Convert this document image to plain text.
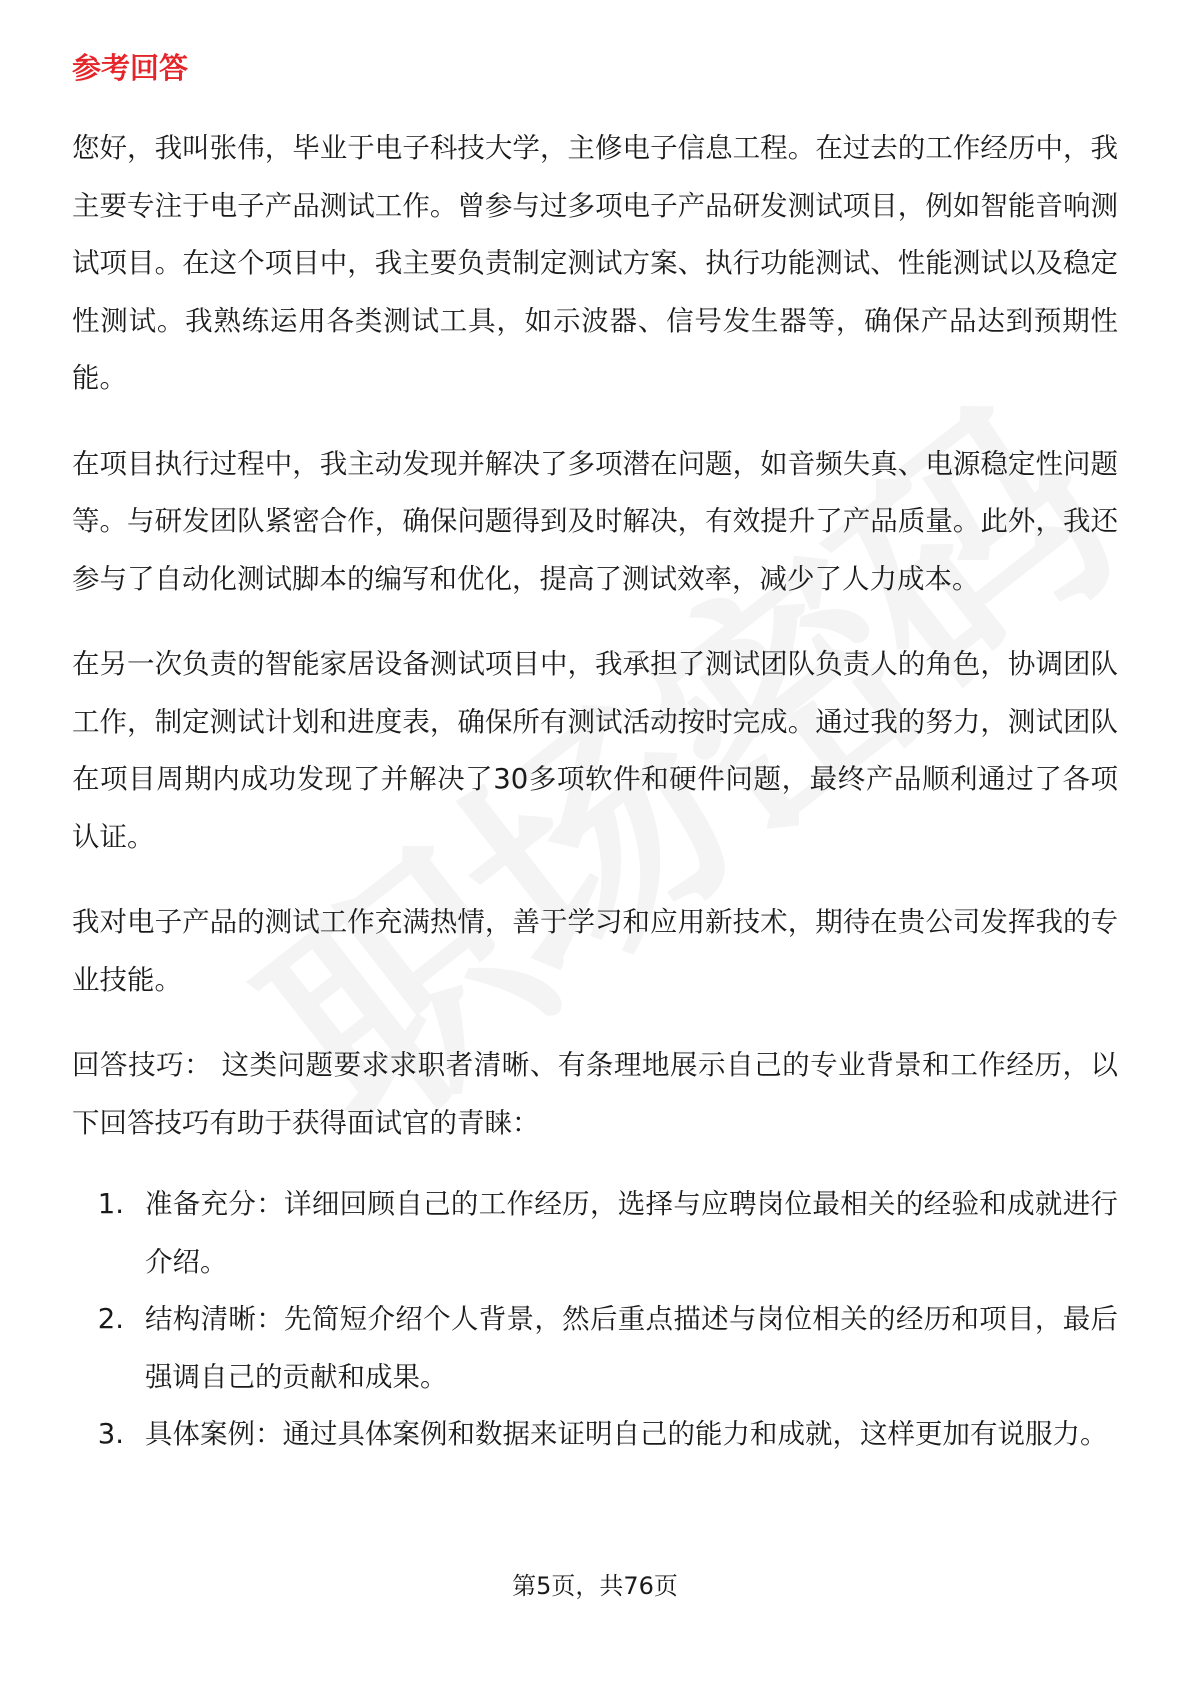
参考回答

您好，我叫张伟，毕业于电子科技大学，主修电子信息工程。在过去的工作经历中，我主要专注于电子产品测试工作。曾参与过多项电子产品研发测试项目，例如智能音响测试项目。在这个项目中，我主要负责制定测试方案、执行功能测试、性能测试以及稳定性测试。我熟练运用各类测试工具，如示波器、信号发生器等，确保产品达到预期性能。

在项目执行过程中，我主动发现并解决了多项潜在问题，如音频失真、电源稳定性问题等。与研发团队紧密合作，确保问题得到及时解决，有效提升了产品质量。此外，我还参与了自动化测试脚本的编写和优化，提高了测试效率，减少了人力成本。

在另一次负责的智能家居设备测试项目中，我承担了测试团队负责人的角色，协调团队工作，制定测试计划和进度表，确保所有测试活动按时完成。通过我的努力，测试团队在项目周期内成功发现了并解决了30多项软件和硬件问题，最终产品顺利通过了各项认证。

我对电子产品的测试工作充满热情，善于学习和应用新技术，期待在贵公司发挥我的专业技能。

回答技巧： 这类问题要求求职者清晰、有条理地展示自己的专业背景和工作经历，以下回答技巧有助于获得面试官的青睐：

1. 准备充分：详细回顾自己的工作经历，选择与应聘岗位最相关的经验和成就进行介绍。
2. 结构清晰：先简短介绍个人背景，然后重点描述与岗位相关的经历和项目，最后强调自己的贡献和成果。
3. 具体案例：通过具体案例和数据来证明自己的能力和成就，这样更加有说服力。
第5页，共76页
